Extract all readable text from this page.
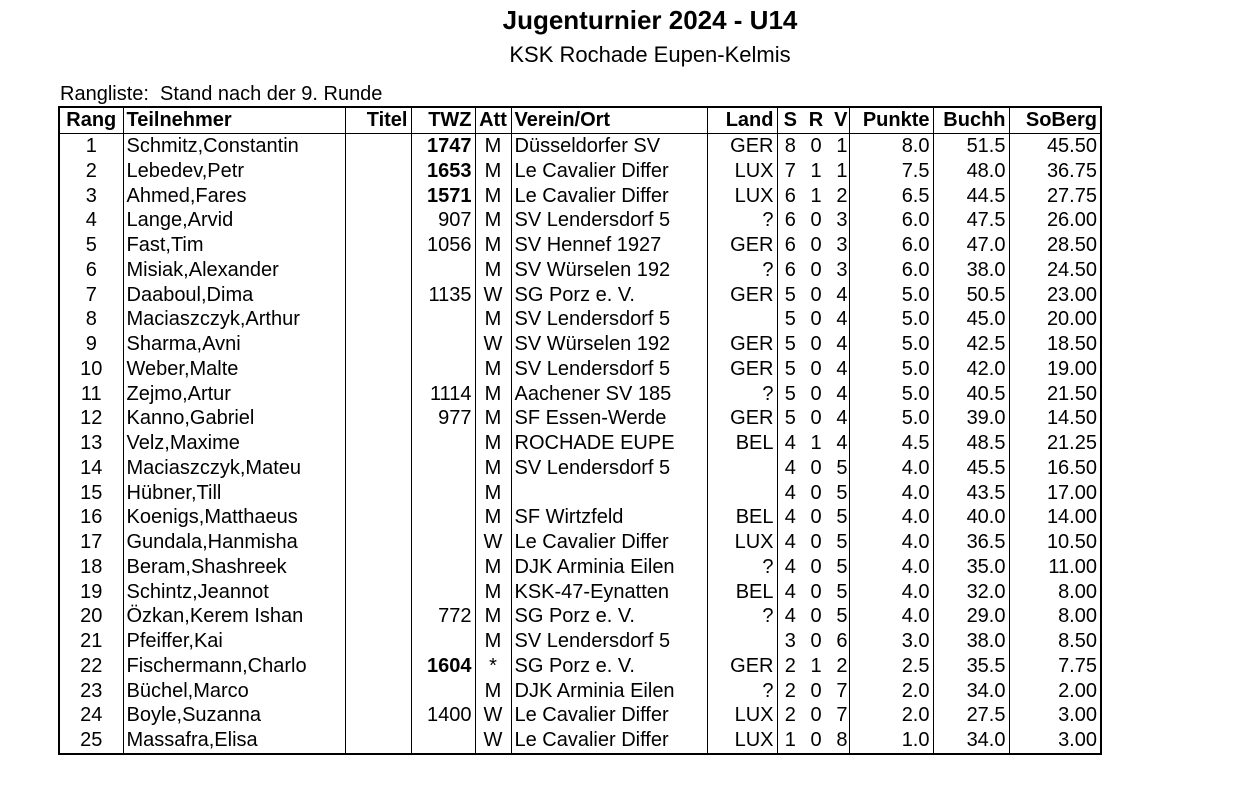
Jugenturnier 2024 - U14
KSK Rochade Eupen-Kelmis
Rangliste:  Stand nach der 9. Runde
Rang	Teilnehmer	Titel	TWZ	Att	Verein/Ort	Land	S	R	V	Punkte	Buchh	SoBerg
1	Schmitz,Constantin		1747	M	Düsseldorfer SV	GER	8	0	1	8.0	51.5	45.50
2	Lebedev,Petr		1653	M	Le Cavalier Differ	LUX	7	1	1	7.5	48.0	36.75
3	Ahmed,Fares		1571	M	Le Cavalier Differ	LUX	6	1	2	6.5	44.5	27.75
4	Lange,Arvid		907	M	SV Lendersdorf 5	?	6	0	3	6.0	47.5	26.00
5	Fast,Tim		1056	M	SV Hennef 1927	GER	6	0	3	6.0	47.0	28.50
6	Misiak,Alexander			M	SV Würselen 192	?	6	0	3	6.0	38.0	24.50
7	Daaboul,Dima		1135	W	SG Porz e. V.	GER	5	0	4	5.0	50.5	23.00
8	Maciaszczyk,Arthur			M	SV Lendersdorf 5		5	0	4	5.0	45.0	20.00
9	Sharma,Avni			W	SV Würselen 192	GER	5	0	4	5.0	42.5	18.50
10	Weber,Malte			M	SV Lendersdorf 5	GER	5	0	4	5.0	42.0	19.00
11	Zejmo,Artur		1114	M	Aachener SV 185	?	5	0	4	5.0	40.5	21.50
12	Kanno,Gabriel		977	M	SF Essen-Werde	GER	5	0	4	5.0	39.0	14.50
13	Velz,Maxime			M	ROCHADE EUPE	BEL	4	1	4	4.5	48.5	21.25
14	Maciaszczyk,Mateu			M	SV Lendersdorf 5		4	0	5	4.0	45.5	16.50
15	Hübner,Till			M			4	0	5	4.0	43.5	17.00
16	Koenigs,Matthaeus			M	SF Wirtzfeld	BEL	4	0	5	4.0	40.0	14.00
17	Gundala,Hanmisha			W	Le Cavalier Differ	LUX	4	0	5	4.0	36.5	10.50
18	Beram,Shashreek			M	DJK Arminia Eilen	?	4	0	5	4.0	35.0	11.00
19	Schintz,Jeannot			M	KSK-47-Eynatten	BEL	4	0	5	4.0	32.0	8.00
20	Özkan,Kerem Ishan		772	M	SG Porz e. V.	?	4	0	5	4.0	29.0	8.00
21	Pfeiffer,Kai			M	SV Lendersdorf 5		3	0	6	3.0	38.0	8.50
22	Fischermann,Charlo		1604	*	SG Porz e. V.	GER	2	1	2	2.5	35.5	7.75
23	Büchel,Marco			M	DJK Arminia Eilen	?	2	0	7	2.0	34.0	2.00
24	Boyle,Suzanna		1400	W	Le Cavalier Differ	LUX	2	0	7	2.0	27.5	3.00
25	Massafra,Elisa			W	Le Cavalier Differ	LUX	1	0	8	1.0	34.0	3.00
